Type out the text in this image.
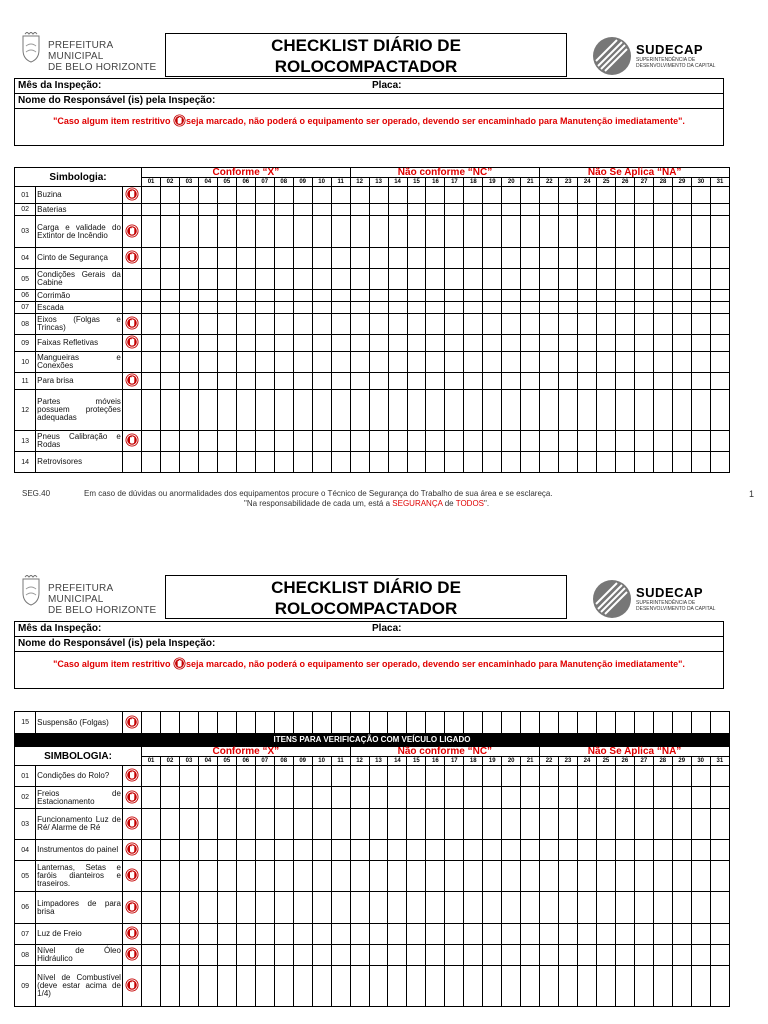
PREFEITURA MUNICIPAL
DE BELO HORIZONTE
CHECKLIST DIÁRIO DE
ROLOCOMPACTADOR
SUDECAP
SUPERINTENDÊNCIA DE
DESENVOLVIMENTO DA CAPITAL
Mês da Inspeção:	Placa:
Nome do Responsável (is) pela Inspeção:
"Caso algum item restritivo seja marcado, não poderá o equipamento ser operado, devendo ser encaminhado para Manutenção imediatamente".
Simbologia:			Conforme “X”											Não conforme “NC”										Não Se Aplica “NA”									
			01	02	03	04	05	06	07	08	09	10	11	12	13	14	15	16	17	18	19	20	21	22	23	24	25	26	27	28	29	30	31
01	Buzina																																
02	Baterias																																
03	Carga e validade do Extintor de Incêndio																																
04	Cinto de Segurança																																
05	Condições Gerais da Cabine																																
06	Corrimão																																
07	Escada																																
08	Eixos (Folgas e Trincas)																																
09	Faixas Refletivas																																
10	Mangueiras e Conexões																																
11	Para brisa																																
12	Partes móveis possuem proteções adequadas																																
13	Pneus Calibração e Rodas																																
14	Retrovisores																																
SEG.40	Em caso de dúvidas ou anormalidades dos equipamentos procure o Técnico de Segurança do Trabalho de sua área e se esclareça.
"Na responsabilidade de cada um, está a SEGURANÇA de TODOS".
1
PREFEITURA MUNICIPAL
DE BELO HORIZONTE
CHECKLIST DIÁRIO DE
ROLOCOMPACTADOR
SUDECAP
SUPERINTENDÊNCIA DE
DESENVOLVIMENTO DA CAPITAL
Mês da Inspeção:	Placa:
Nome do Responsável (is) pela Inspeção:
"Caso algum item restritivo seja marcado, não poderá o equipamento ser operado, devendo ser encaminhado para Manutenção imediatamente".
15	Suspensão (Folgas)																																
ITENS PARA VERIFICAÇÃO COM VEÍCULO LIGADO																																	
SIMBOLOGIA:			Conforme “X”											Não conforme “NC”										Não Se Aplica “NA”									
			01	02	03	04	05	06	07	08	09	10	11	12	13	14	15	16	17	18	19	20	21	22	23	24	25	26	27	28	29	30	31
01	Condições do Rolo?																																
02	Freios de Estacionamento																																
03	Funcionamento Luz de Ré/ Alarme de Ré																																
04	Instrumentos do painel																																
05	Lanternas, Setas e faróis dianteiros e traseiros.																																
06	Limpadores de para brisa																																
07	Luz de Freio																																
08	Nível de Óleo Hidráulico																																
09	Nível de Combustível (deve estar acima de 1/4)																																
